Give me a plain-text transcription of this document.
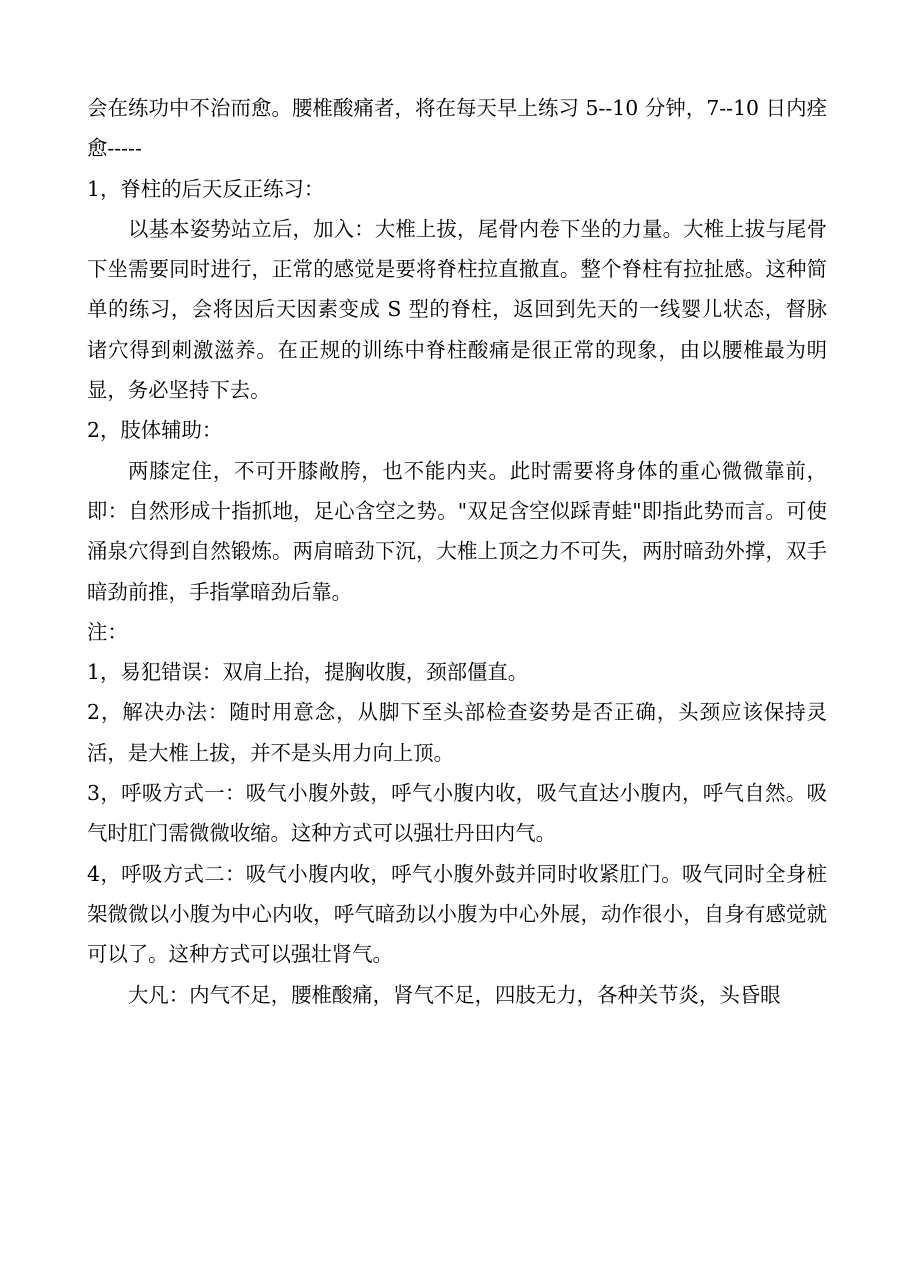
会在练功中不治而愈。腰椎酸痛者，将在每天早上练习 5--10 分钟，7--10 日内痊愈-----

1，脊柱的后天反正练习：

以基本姿势站立后，加入：大椎上拔，尾骨内卷下坐的力量。大椎上拔与尾骨下坐需要同时进行，正常的感觉是要将脊柱拉直撤直。整个脊柱有拉扯感。这种简单的练习，会将因后天因素变成 S 型的脊柱，返回到先天的一线婴儿状态，督脉诸穴得到刺激滋养。在正规的训练中脊柱酸痛是很正常的现象，由以腰椎最为明显，务必坚持下去。

2，肢体辅助：

两膝定住，不可开膝敞胯，也不能内夹。此时需要将身体的重心微微靠前，即：自然形成十指抓地，足心含空之势。"双足含空似踩青蛙"即指此势而言。可使涌泉穴得到自然锻炼。两肩暗劲下沉，大椎上顶之力不可失，两肘暗劲外撑，双手暗劲前推，手指掌暗劲后靠。

注：

1，易犯错误：双肩上抬，提胸收腹，颈部僵直。

2，解决办法：随时用意念，从脚下至头部检查姿势是否正确，头颈应该保持灵活，是大椎上拔，并不是头用力向上顶。

3，呼吸方式一：吸气小腹外鼓，呼气小腹内收，吸气直达小腹内，呼气自然。吸气时肛门需微微收缩。这种方式可以强壮丹田内气。

4，呼吸方式二：吸气小腹内收，呼气小腹外鼓并同时收紧肛门。吸气同时全身桩架微微以小腹为中心内收，呼气暗劲以小腹为中心外展，动作很小，自身有感觉就可以了。这种方式可以强壮肾气。

大凡：内气不足，腰椎酸痛，肾气不足，四肢无力，各种关节炎，头昏眼
